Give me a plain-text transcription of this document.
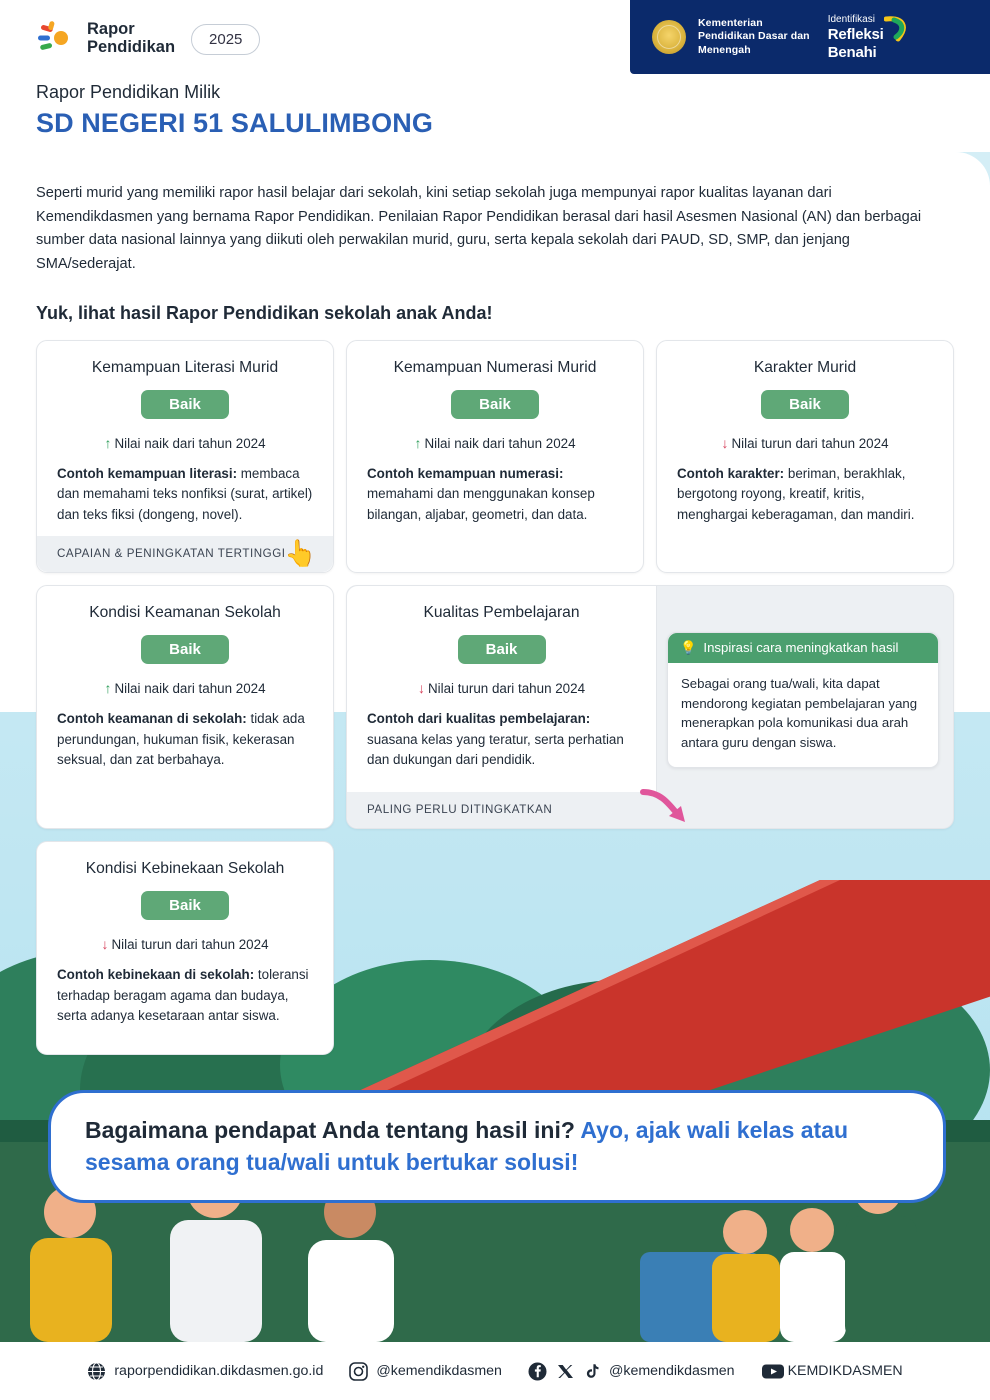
Rapor
Pendidikan	2025
Kementerian
Pendidikan Dasar dan
Menengah
Identifikasi
Refleksi
Benahi
Rapor Pendidikan Milik
SD NEGERI 51 SALULIMBONG

Seperti murid yang memiliki rapor hasil belajar dari sekolah, kini setiap sekolah juga mempunyai rapor kualitas layanan dari Kemendikdasmen yang bernama Rapor Pendidikan. Penilaian Rapor Pendidikan berasal dari hasil Asesmen Nasional (AN) dan berbagai sumber data nasional lainnya yang diikuti oleh perwakilan murid, guru, serta kepala sekolah dari PAUD, SD, SMP, dan jenjang SMA/sederajat.

Yuk, lihat hasil Rapor Pendidikan sekolah anak Anda!

Kemampuan Literasi Murid
Baik
↑ Nilai naik dari tahun 2024
Contoh kemampuan literasi: membaca dan memahami teks nonfiksi (surat, artikel) dan teks fiksi (dongeng, novel).
CAPAIAN & PENINGKATAN TERTINGGI
👆
Kemampuan Numerasi Murid
Baik
↑ Nilai naik dari tahun 2024
Contoh kemampuan numerasi: memahami dan menggunakan konsep bilangan, aljabar, geometri, dan data.
Karakter Murid
Baik
↓ Nilai turun dari tahun 2024
Contoh karakter: beriman, berakhlak, bergotong royong, kreatif, kritis, menghargai keberagaman, dan mandiri.
Kondisi Keamanan Sekolah
Baik
↑ Nilai naik dari tahun 2024
Contoh keamanan di sekolah: tidak ada perundungan, hukuman fisik, kekerasan seksual, dan zat berbahaya.
Kualitas Pembelajaran
Baik
↓ Nilai turun dari tahun 2024
Contoh dari kualitas pembelajaran: suasana kelas yang teratur, serta perhatian dan dukungan dari pendidik.
PALING PERLU DITINGKATKAN
💡 Inspirasi cara meningkatkan hasil
Sebagai orang tua/wali, kita dapat mendorong kegiatan pembelajaran yang menerapkan pola komunikasi dua arah antara guru dengan siswa.
Kondisi Kebinekaan Sekolah
Baik
↓ Nilai turun dari tahun 2024
Contoh kebinekaan di sekolah: toleransi terhadap beragam agama dan budaya, serta adanya kesetaraan antar siswa.
Bagaimana pendapat Anda tentang hasil ini? Ayo, ajak wali kelas atau sesama orang tua/wali untuk bertukar solusi!
raporpendidikan.dikdasmen.go.id	@kemendikdasmen	@kemendikdasmen	KEMDIKDASMEN
